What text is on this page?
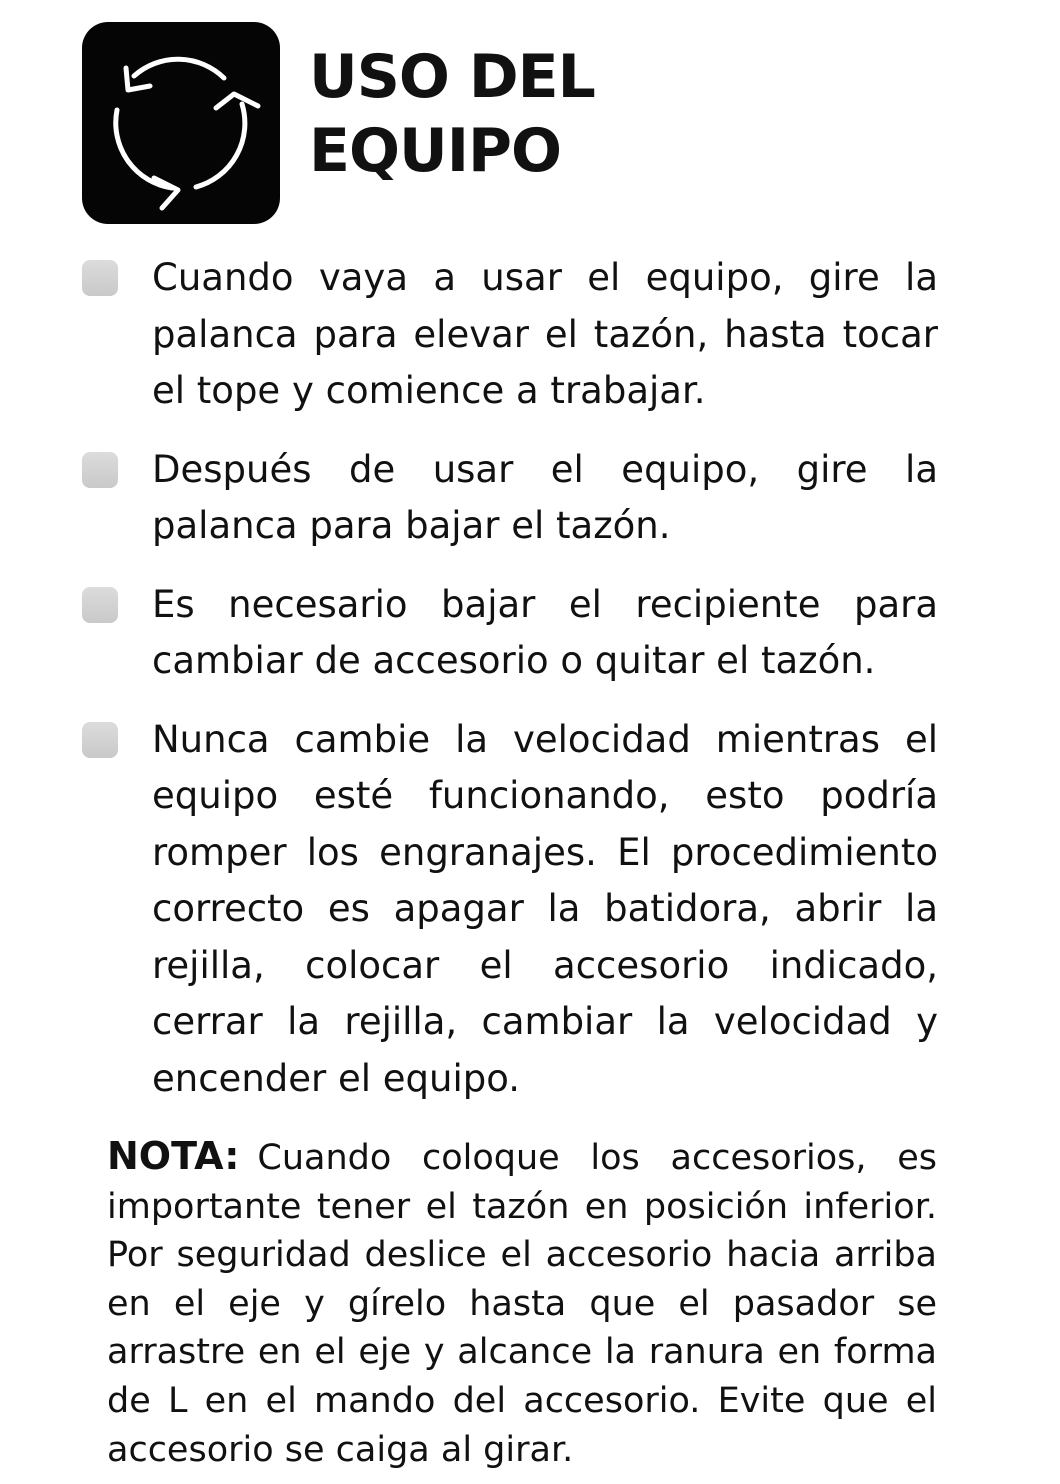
USO DEL
EQUIPO
Cuando vaya a usar el equipo, gire la palanca para elevar el tazón, hasta tocar el tope y comience a trabajar.
Después de usar el equipo, gire la palanca para bajar el tazón.
Es necesario bajar el recipiente para cambiar de accesorio o quitar el tazón.
Nunca cambie la velocidad mientras el equipo esté funcionando, esto podría romper los engranajes. El procedimiento correcto es apagar la batidora, abrir la rejilla, colocar el accesorio indicado, cerrar la rejilla, cambiar la velocidad y encender el equipo.

NOTA: Cuando coloque los accesorios, es importante tener el tazón en posición inferior. Por seguridad deslice el accesorio hacia arriba en el eje y gírelo hasta que el pasador se arrastre en el eje y alcance la ranura en forma de L en el mando del accesorio. Evite que el accesorio se caiga al girar.
